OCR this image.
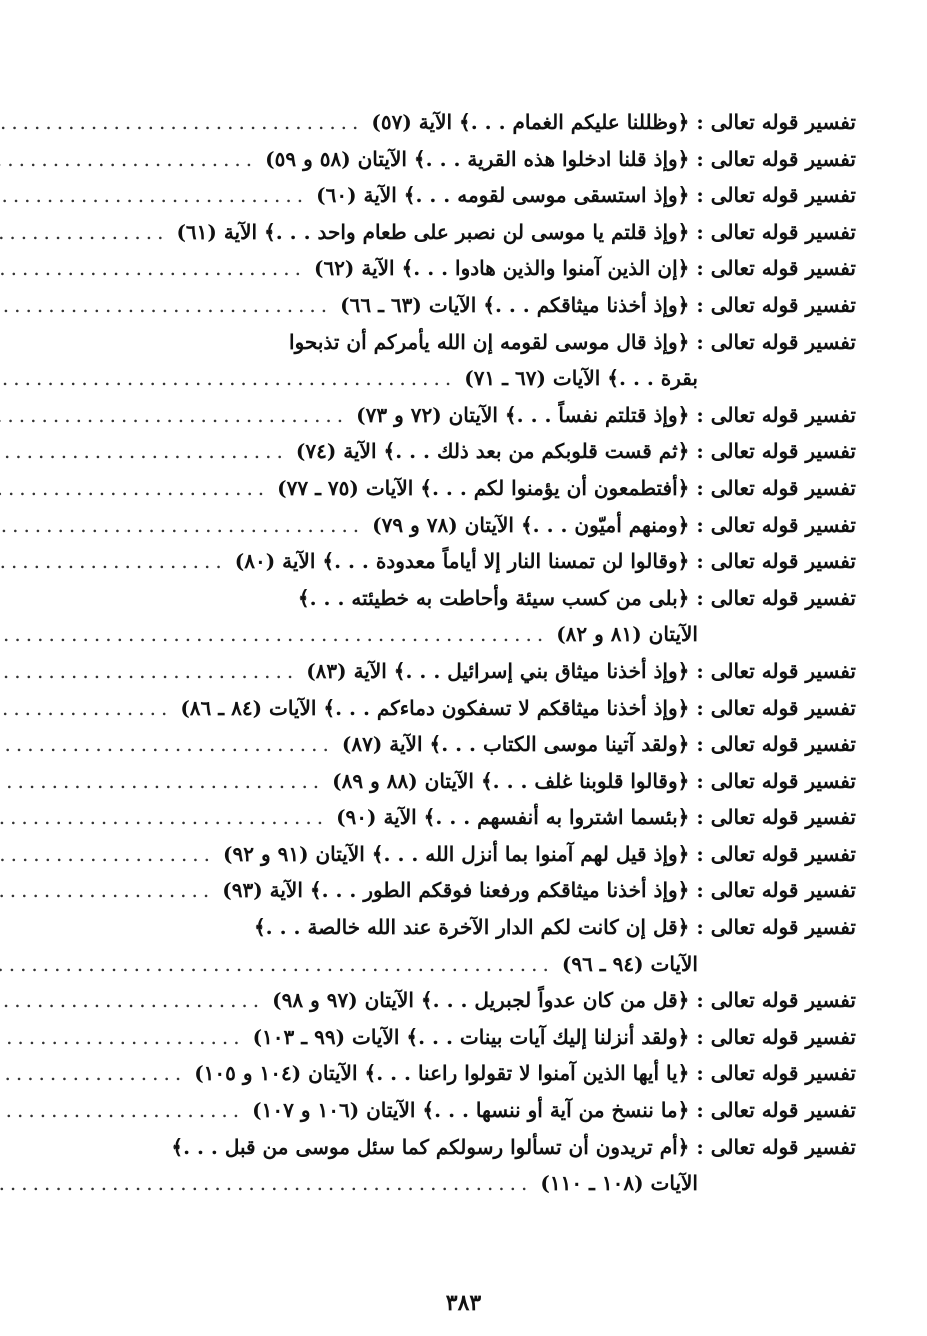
تفسير قوله تعالى :

﴿وظللنا عليكم الغمام . . .﴾ الآية (٥٧)
.....
تفسير قوله تعالى :

﴿وإذ قلنا ادخلوا هذه القرية . . .﴾ الآيتان (٥٨ و ٥٩)
.....
تفسير قوله تعالى :

﴿وإذ استسقى موسى لقومه . . .﴾ الآية (٦٠)
.....
تفسير قوله تعالى :

﴿وإذ قلتم يا موسى لن نصبر على طعام واحد . . .﴾ الآية (٦١)
.....
تفسير قوله تعالى :

﴿إن الذين آمنوا والذين هادوا . . .﴾ الآية (٦٢)
.....
تفسير قوله تعالى :

﴿وإذ أخذنا ميثاقكم . . .﴾ الآيات (٦٣ ـ ٦٦)
.....
تفسير قوله تعالى :

﴿وإذ قال موسى لقومه إن الله يأمركم أن تذبحوا
بقرة . . .﴾ الآيات (٦٧ ـ ٧١)
.....
تفسير قوله تعالى :

﴿وإذ قتلتم نفساً . . .﴾ الآيتان (٧٢ و ٧٣)
.....
تفسير قوله تعالى :

﴿ثم قست قلوبكم من بعد ذلك . . .﴾ الآية (٧٤)
.....
تفسير قوله تعالى :

﴿أفتطمعون أن يؤمنوا لكم . . .﴾ الآيات (٧٥ ـ ٧٧)
.....
تفسير قوله تعالى :

﴿ومنهم أميّون . . .﴾ الآيتان (٧٨ و ٧٩)
.....
تفسير قوله تعالى :

﴿وقالوا لن تمسنا النار إلا أياماً معدودة . . .﴾ الآية (٨٠)
.....
تفسير قوله تعالى :

﴿بلى من كسب سيئة وأحاطت به خطيئته . . .﴾
الآيتان (٨١ و ٨٢)
.....
تفسير قوله تعالى :

﴿وإذ أخذنا ميثاق بني إسرائيل . . .﴾ الآية (٨٣)
.....
تفسير قوله تعالى :

﴿وإذ أخذنا ميثاقكم لا تسفكون دماءكم . . .﴾ الآيات (٨٤ ـ ٨٦)
.....
تفسير قوله تعالى :

﴿ولقد آتينا موسى الكتاب . . .﴾ الآية (٨٧)
.....
تفسير قوله تعالى :

﴿وقالوا قلوبنا غلف . . .﴾ الآيتان (٨٨ و ٨٩)
.....
تفسير قوله تعالى :

﴿بئسما اشتروا به أنفسهم . . .﴾ الآية (٩٠)
.....
تفسير قوله تعالى :

﴿وإذ قيل لهم آمنوا بما أنزل الله . . .﴾ الآيتان (٩١ و ٩٢)
.....
تفسير قوله تعالى :

﴿وإذ أخذنا ميثاقكم ورفعنا فوقكم الطور . . .﴾ الآية (٩٣)
.....
تفسير قوله تعالى :

﴿قل إن كانت لكم الدار الآخرة عند الله خالصة . . .﴾
الآيات (٩٤ ـ ٩٦)
.....
تفسير قوله تعالى :

﴿قل من كان عدواً لجبريل . . .﴾ الآيتان (٩٧ و ٩٨)
.....
تفسير قوله تعالى :

﴿ولقد أنزلنا إليك آيات بينات . . .﴾ الآيات (٩٩ ـ ١٠٣)
.....
تفسير قوله تعالى :

﴿يا أيها الذين آمنوا لا تقولوا راعنا . . .﴾ الآيتان (١٠٤ و ١٠٥)
.....
تفسير قوله تعالى :

﴿ما ننسخ من آية أو ننسها . . .﴾ الآيتان (١٠٦ و ١٠٧)
.....
تفسير قوله تعالى :

﴿أم تريدون أن تسألوا رسولكم كما سئل موسى من قبل . . .﴾
الآيات (١٠٨ ـ ١١٠)
.....
٣٨٣
